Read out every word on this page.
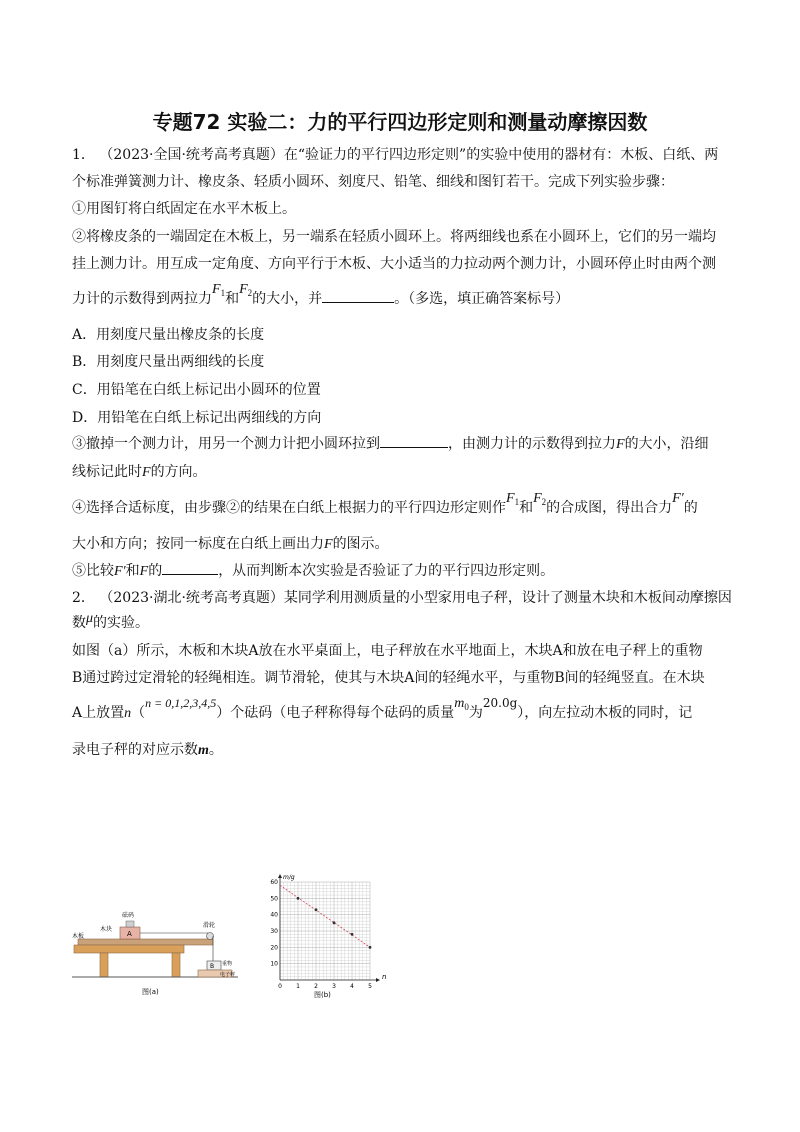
专题72 实验二：力的平行四边形定则和测量动摩擦因数
1． （2023·全国·统考高考真题）在“验证力的平行四边形定则”的实验中使用的器材有：木板、白纸、两
个标准弹簧测力计、橡皮条、轻质小圆环、刻度尺、铅笔、细线和图钉若干。完成下列实验步骤：
①用图钉将白纸固定在水平木板上。
②将橡皮条的一端固定在木板上，另一端系在轻质小圆环上。将两细线也系在小圆环上，它们的另一端均
挂上测力计。用互成一定角度、方向平行于木板、大小适当的力拉动两个测力计，小圆环停止时由两个测
力计的示数得到两拉力$F_1$和$F_2$的大小，并	。（多选，填正确答案标号）
A．用刻度尺量出橡皮条的长度
B．用刻度尺量出两细线的长度
C．用铅笔在白纸上标记出小圆环的位置
D．用铅笔在白纸上标记出两细线的方向
③撤掉一个测力计，用另一个测力计把小圆环拉到	，由测力计的示数得到拉力F的大小，沿细
线标记此时F的方向。
④选择合适标度，由步骤②的结果在白纸上根据力的平行四边形定则作$F_1$和$F_2$的合成图，得出合力F′的
大小和方向；按同一标度在白纸上画出力F的图示。
⑤比较F′和F的	，从而判断本次实验是否验证了力的平行四边形定则。
2． （2023·湖北·统考高考真题）某同学利用测质量的小型家用电子秤，设计了测量木块和木板间动摩擦因
数μ的实验。
如图（a）所示，木板和木块A放在水平桌面上，电子秤放在水平地面上，木块A和放在电子秤上的重物
B通过跨过定滑轮的轻绳相连。调节滑轮，使其与木块A间的轻绳水平，与重物B间的轻绳竖直。在木块
A上放置n（n = 0,1,2,3,4,5）个砝码（电子秤称得每个砝码的质量$m_0$为20.0g），向左拉动木板的同时，记
录电子秤的对应示数m。
砝码
木块
A
木板
滑轮
B 重物
电子秤
图(a)
0 1 2 3 4 5
10
20
30
40
50
60
m/g
n
图(b)
